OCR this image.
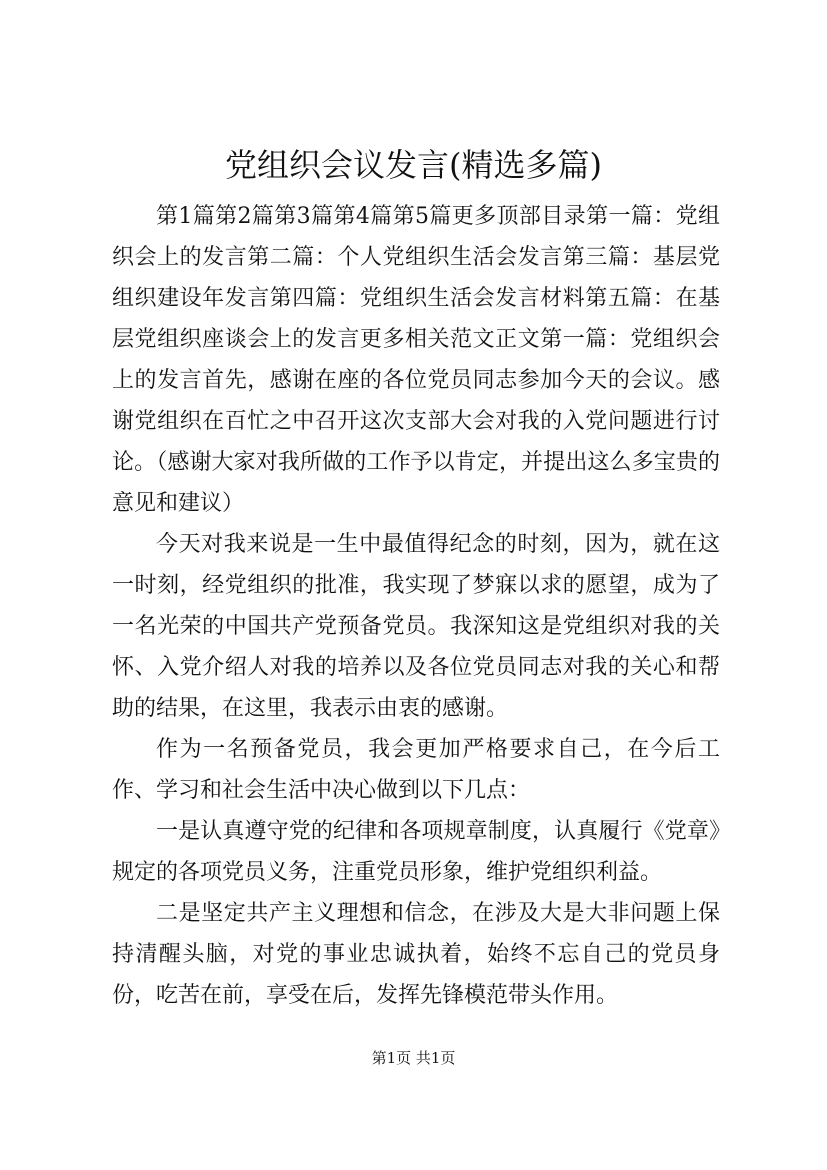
党组织会议发言(精选多篇)

第1篇第2篇第3篇第4篇第5篇更多顶部目录第一篇：党组织会上的发言第二篇：个人党组织生活会发言第三篇：基层党组织建设年发言第四篇：党组织生活会发言材料第五篇：在基层党组织座谈会上的发言更多相关范文正文第一篇：党组织会上的发言首先，感谢在座的各位党员同志参加今天的会议。感谢党组织在百忙之中召开这次支部大会对我的入党问题进行讨论。（感谢大家对我所做的工作予以肯定，并提出这么多宝贵的意见和建议）

今天对我来说是一生中最值得纪念的时刻，因为，就在这一时刻，经党组织的批准，我实现了梦寐以求的愿望，成为了一名光荣的中国共产党预备党员。我深知这是党组织对我的关怀、入党介绍人对我的培养以及各位党员同志对我的关心和帮助的结果，在这里，我表示由衷的感谢。

作为一名预备党员，我会更加严格要求自己，在今后工作、学习和社会生活中决心做到以下几点：

一是认真遵守党的纪律和各项规章制度，认真履行《党章》规定的各项党员义务，注重党员形象，维护党组织利益。

二是坚定共产主义理想和信念，在涉及大是大非问题上保持清醒头脑，对党的事业忠诚执着，始终不忘自己的党员身份，吃苦在前，享受在后，发挥先锋模范带头作用。

第1页 共1页
